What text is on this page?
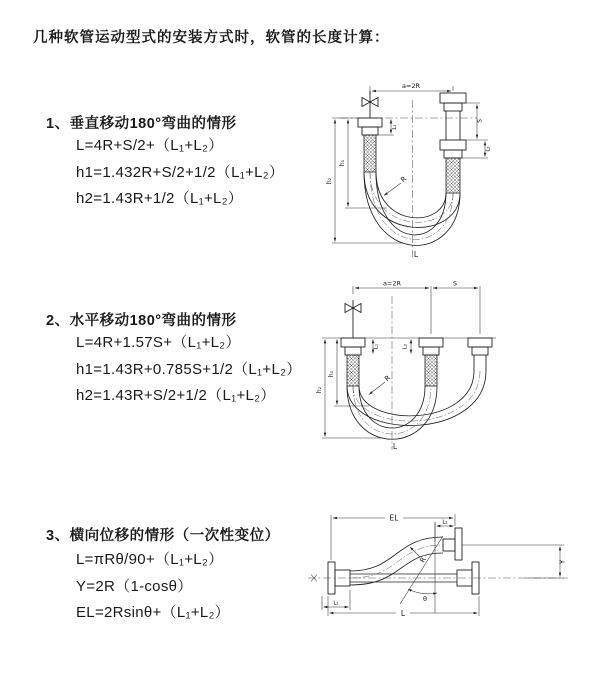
几种软管运动型式的安装方式时，软管的长度计算：
1、垂直移动180°弯曲的情形

L=4R+S/2+（L₁+L₂）

h1=1.432R+S/2+1/2（L₁+L₂）

h2=1.43R+1/2（L₁+L₂）

2、水平移动180°弯曲的情形

L=4R+1.57S+（L₁+L₂）

h1=1.43R+0.785S+1/2（L₁+L₂）

h2=1.43R+S/2+1/2（L₁+L₂）

3、横向位移的情形（一次性变位）

L=πRθ/90+（L₁+L₂）

Y=2R（1-cosθ）

EL=2Rsinθ+（L₁+L₂）

a=2R
L₁
S
L₂
h₁
h₂	R
L
a=2R	S
L₁	L₂
h₁
h₂
R
L
EL	L₁
L₂
L
Y
R
θ
